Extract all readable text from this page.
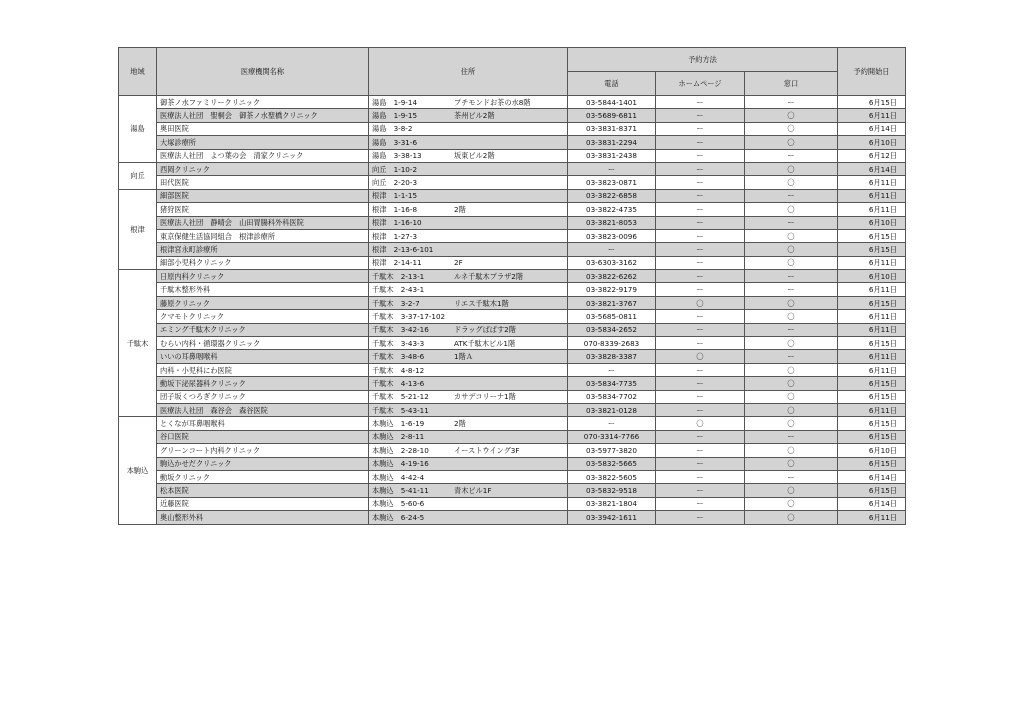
地域	医療機関名称	住所	予約方法			予約開始日
			電話	ホームページ	窓口	
湯島	御茶ノ水ファミリークリニック	湯島　1-9-14 プチモンドお茶の水8階	03-5844-1401	ー	ー	6月15日
	医療法人社団　聖桐会　御茶ノ水聖橋クリニック	湯島　1-9-15 茶州ビル2階	03-5689-6811	ー	〇	6月11日
	奥田医院	湯島　3-8-2	03-3831-8371	ー	〇	6月14日
	大塚診療所	湯島　3-31-6	03-3831-2294	ー	〇	6月10日
	医療法人社団　よつ葉の会　清家クリニック	湯島　3-38-13 坂東ビル2階	03-3831-2438	ー	ー	6月12日
向丘	西岡クリニック	向丘　1-10-2	ー	ー	〇	6月14日
	田代医院	向丘　2-20-3	03-3823-0871	ー	〇	6月11日
根津	細部医院	根津　1-1-15	03-3822-6858	ー	ー	6月11日
	猪狩医院	根津　1-16-8 2階	03-3822-4735	ー	〇	6月11日
	医療法人社団　静晴会　山田胃腸科外科医院	根津　1-16-10	03-3821-8053	ー	ー	6月10日
	東京保健生活協同組合　根津診療所	根津　1-27-3	03-3823-0096	ー	〇	6月15日
	根津宮永町診療所	根津　2-13-6-101	ー	ー	〇	6月15日
	細部小児科クリニック	根津　2-14-11 2F	03-6303-3162	ー	〇	6月11日
千駄木	日原内科クリニック	千駄木　2-13-1 ルネ千駄木プラザ2階	03-3822-6262	ー	ー	6月10日
	千駄木整形外科	千駄木　2-43-1	03-3822-9179	ー	ー	6月11日
	藤原クリニック	千駄木　3-2-7 リエス千駄木1階	03-3821-3767	〇	〇	6月15日
	クマモトクリニック	千駄木　3-37-17-102	03-5685-0811	ー	〇	6月11日
	エミング千駄木クリニック	千駄木　3-42-16 ドラッグぱぱす2階	03-5834-2652	ー	ー	6月11日
	むらい内科・循環器クリニック	千駄木　3-43-3 ATK千駄木ビル1階	070-8339-2683	ー	〇	6月15日
	いいの耳鼻咽喉科	千駄木　3-48-6 1階Ａ	03-3828-3387	〇	ー	6月11日
	内科・小児科にわ医院	千駄木　4-8-12	ー	ー	〇	6月11日
	動坂下泌尿器科クリニック	千駄木　4-13-6	03-5834-7735	ー	〇	6月15日
	団子坂くつろぎクリニック	千駄木　5-21-12 カサデコリーナ1階	03-5834-7702	ー	〇	6月15日
	医療法人社団　森谷会　森谷医院	千駄木　5-43-11	03-3821-0128	ー	〇	6月11日
本駒込	とくなが耳鼻咽喉科	本駒込　1-6-19 2階	ー	〇	〇	6月15日
	谷口医院	本駒込　2-8-11	070-3314-7766	ー	ー	6月15日
	グリーンコート内科クリニック	本駒込　2-28-10 イーストウイング3F	03-5977-3820	ー	〇	6月10日
	駒込かせだクリニック	本駒込　4-19-16	03-5832-5665	ー	〇	6月15日
	動坂クリニック	本駒込　4-42-4	03-3822-5605	ー	ー	6月14日
	松本医院	本駒込　5-41-11 青木ビル1F	03-5832-9518	ー	〇	6月15日
	近藤医院	本駒込　5-60-6	03-3821-1804	ー	〇	6月14日
	奥山整形外科	本駒込　6-24-5	03-3942-1611	ー	〇	6月11日
